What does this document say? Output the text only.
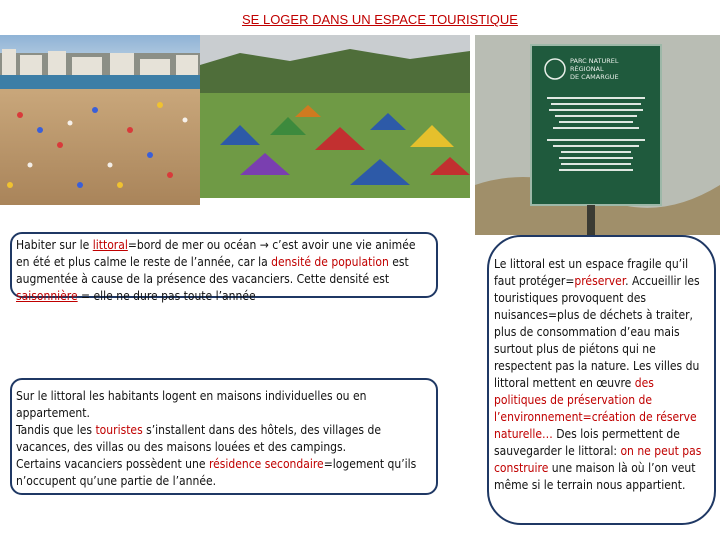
SE LOGER DANS UN ESPACE TOURISTIQUE
PARC NATUREL
RÉGIONAL
DE CAMARGUE
Habiter sur le littoral=bord de mer ou océan → c’est avoir une vie animée en été et plus calme le reste de l’année, car la densité de population est augmentée à cause de la présence des vacanciers. Cette densité est saisonnière = elle ne dure pas toute l’année
Sur le littoral les habitants logent en maisons individuelles ou en appartement.
Tandis que les touristes s’installent dans des hôtels, des villages de vacances, des villas ou des maisons louées et des campings.
Certains vacanciers possèdent une résidence secondaire=logement qu’ils n’occupent qu’une partie de l’année.
Le littoral est un espace fragile qu’il faut protéger=préserver. Accueillir les touristiques provoquent des nuisances=plus de déchets à traiter, plus de consommation d’eau mais surtout plus de piétons qui ne respectent pas la nature. Les villes du littoral mettent en œuvre des politiques de préservation de l’environnement=création de réserve naturelle… Des lois permettent de sauvegarder le littoral: on ne peut pas construire une maison là où l’on veut même si le terrain nous appartient.
